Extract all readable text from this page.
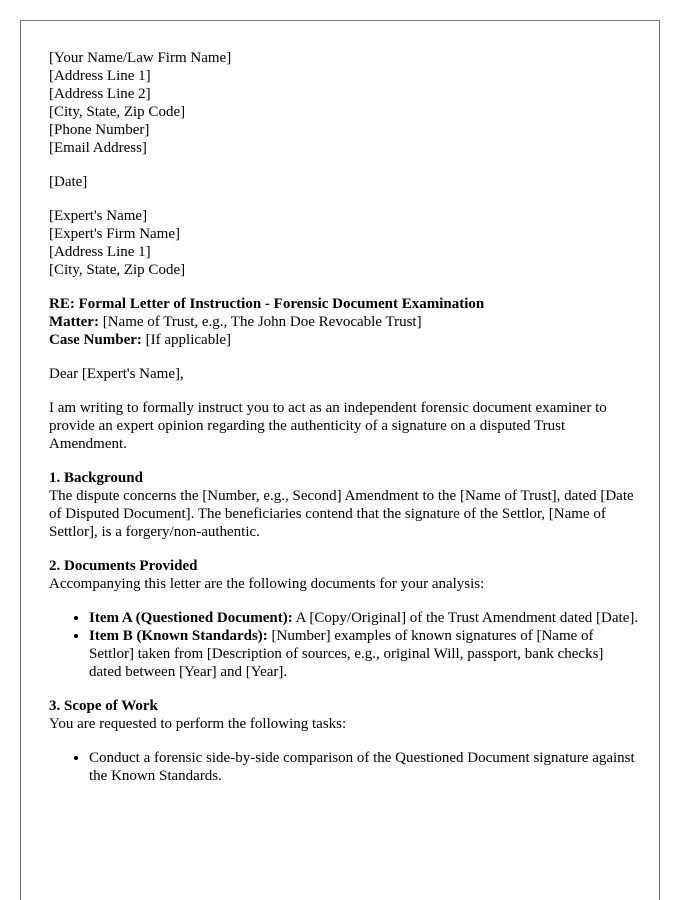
[Your Name/Law Firm Name]
[Address Line 1]
[Address Line 2]
[City, State, Zip Code]
[Phone Number]
[Email Address]

[Date]

[Expert's Name]
[Expert's Firm Name]
[Address Line 1]
[City, State, Zip Code]
RE: Formal Letter of Instruction - Forensic Document Examination
Matter: [Name of Trust, e.g., The John Doe Revocable Trust]
Case Number: [If applicable]

Dear [Expert's Name],

I am writing to formally instruct you to act as an independent forensic document examiner to provide an expert opinion regarding the authenticity of a signature on a disputed Trust Amendment.

1. Background

The dispute concerns the [Number, e.g., Second] Amendment to the [Name of Trust], dated [Date of Disputed Document]. The beneficiaries contend that the signature of the Settlor, [Name of Settlor], is a forgery/non-authentic.

2. Documents Provided

Accompanying this letter are the following documents for your analysis:

• Item A (Questioned Document): A [Copy/Original] of the Trust Amendment dated [Date].
• Item B (Known Standards): [Number] examples of known signatures of [Name of Settlor] taken from [Description of sources, e.g., original Will, passport, bank checks] dated between [Year] and [Year].
3. Scope of Work

You are requested to perform the following tasks:

• Conduct a forensic side-by-side comparison of the Questioned Document signature against the Known Standards.
